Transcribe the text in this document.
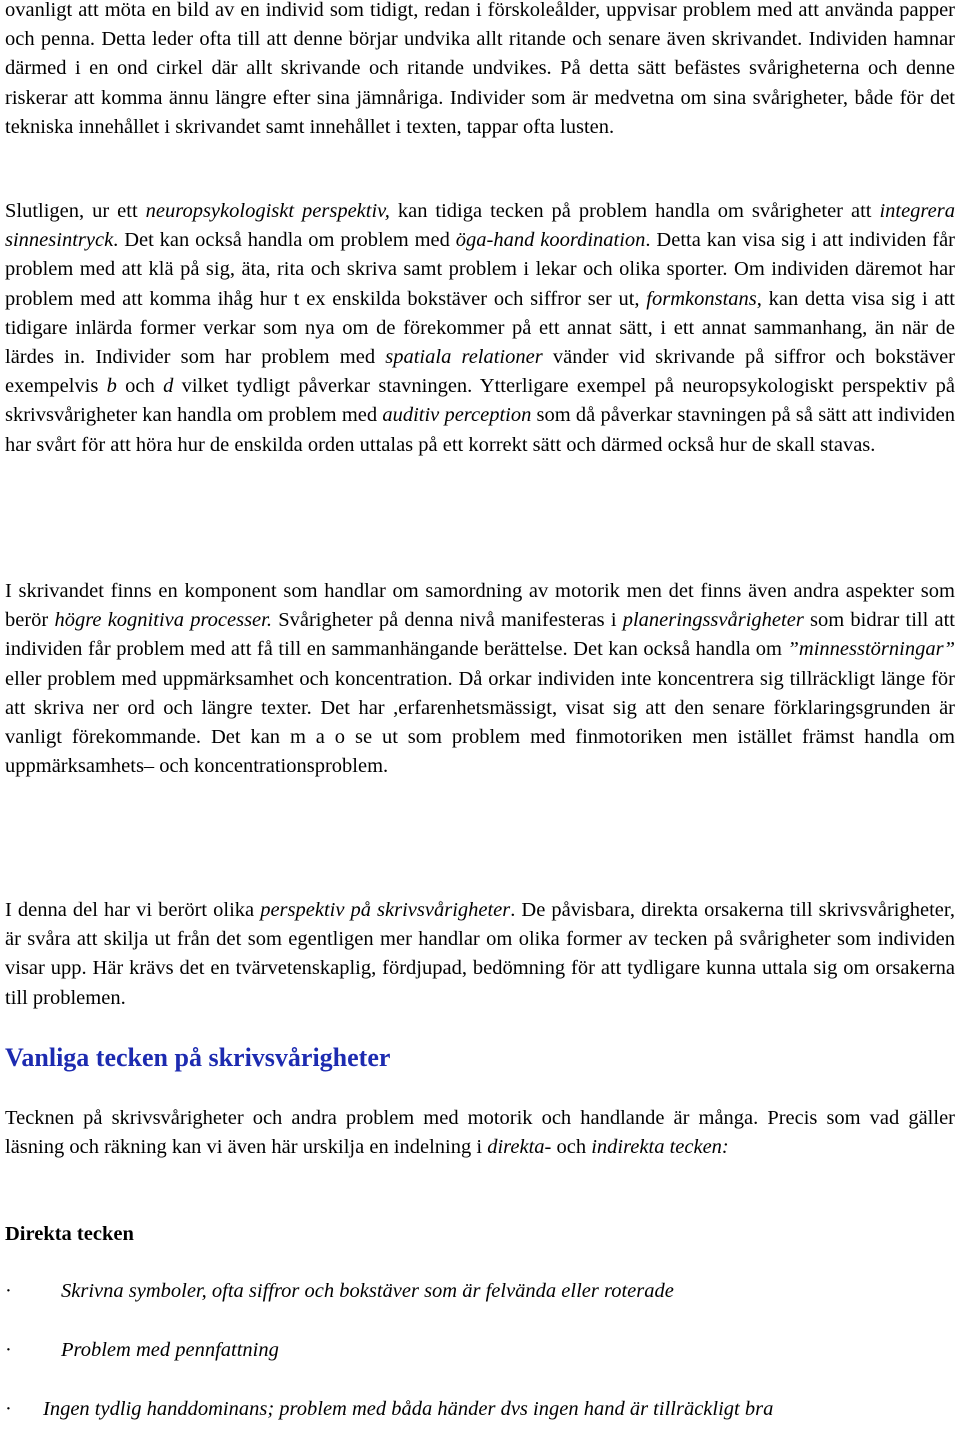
ovanligt att möta en bild av en individ som tidigt, redan i förskoleålder, uppvisar problem med att använda papper och penna. Detta leder ofta till att denne börjar undvika allt ritande och senare även skrivandet. Individen hamnar därmed i en ond cirkel där allt skrivande och ritande undvikes. På detta sätt befästes svårigheterna och denne riskerar att komma ännu längre efter sina jämnåriga. Individer som är medvetna om sina svårigheter, både för det tekniska innehållet i skrivandet samt innehållet i texten, tappar ofta lusten.

Slutligen, ur ett neuropsykologiskt perspektiv, kan tidiga tecken på problem handla om svårigheter att integrera sinnesintryck. Det kan också handla om problem med öga-hand koordination. Detta kan visa sig i att individen får problem med att klä på sig, äta, rita och skriva samt problem i lekar och olika sporter. Om individen däremot har problem med att komma ihåg hur t ex enskilda bokstäver och siffror ser ut, formkonstans, kan detta visa sig i att tidigare inlärda former verkar som nya om de förekommer på ett annat sätt, i ett annat sammanhang, än när de lärdes in. Individer som har problem med spatiala relationer vänder vid skrivande på siffror och bokstäver exempelvis b och d vilket tydligt påverkar stavningen. Ytterligare exempel på neuropsykologiskt perspektiv på skrivsvårigheter kan handla om problem med auditiv perception som då påverkar stavningen på så sätt att individen har svårt för att höra hur de enskilda orden uttalas på ett korrekt sätt och därmed också hur de skall stavas.

I skrivandet finns en komponent som handlar om samordning av motorik men det finns även andra aspekter som berör högre kognitiva processer. Svårigheter på denna nivå manifesteras i planeringssvårigheter som bidrar till att individen får problem med att få till en sammanhängande berättelse. Det kan också handla om ”minnesstörningar” eller problem med uppmärksamhet och koncentration. Då orkar individen inte koncentrera sig tillräckligt länge för att skriva ner ord och längre texter. Det har ,erfarenhetsmässigt, visat sig att den senare förklaringsgrunden är vanligt förekommande. Det kan m a o se ut som problem med finmotoriken men istället främst handla om uppmärksamhets– och koncentrationsproblem.

I denna del har vi berört olika perspektiv på skrivsvårigheter. De påvisbara, direkta orsakerna till skrivsvårigheter, är svåra att skilja ut från det som egentligen mer handlar om olika former av tecken på svårigheter som individen visar upp. Här krävs det en tvärvetenskaplig, fördjupad, bedömning för att tydligare kunna uttala sig om orsakerna till problemen.

Vanliga tecken på skrivsvårigheter

Tecknen på skrivsvårigheter och andra problem med motorik och handlande är många. Precis som vad gäller läsning och räkning kan vi även här urskilja en indelning i direkta- och indirekta tecken:

Direkta tecken
· Skrivna symboler, ofta siffror och bokstäver som är felvända eller roterade
· Problem med pennfattning
· Ingen tydlig handdominans; problem med båda händer dvs ingen hand är tillräckligt bra
